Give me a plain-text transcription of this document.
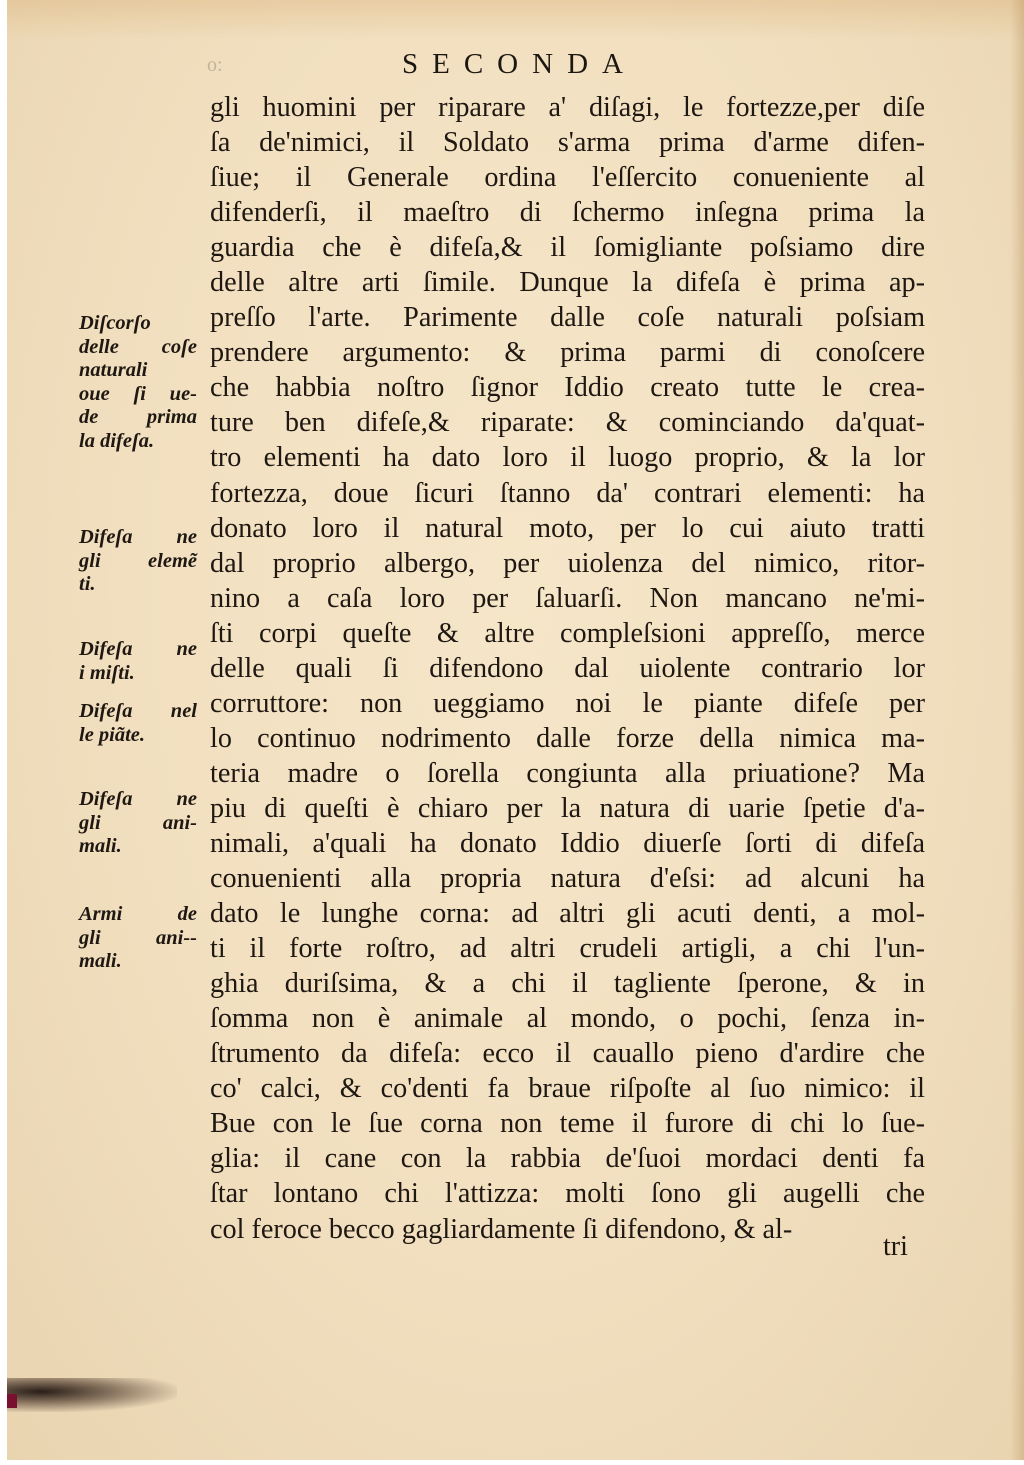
o:	SECONDA
gli huomini per riparare a' diſagi, le fortezze,per diſe
ſa de'nimici, il Soldato s'arma prima d'arme difen-
ſiue; il Generale ordina l'eſſercito conueniente al
difenderſi, il maeſtro di ſchermo inſegna prima la
guardia che è difeſa,& il ſomigliante poſsiamo dire
delle altre arti ſimile. Dunque la difeſa è prima ap-
preſſo l'arte. Parimente dalle coſe naturali poſsiam
prendere argumento: & prima parmi di conoſcere
che habbia noſtro ſignor Iddio creato tutte le crea-
ture ben difeſe,& riparate: & cominciando da'quat-
tro elementi ha dato loro il luogo proprio, & la lor
fortezza, doue ſicuri ſtanno da' contrari elementi: ha
donato loro il natural moto, per lo cui aiuto tratti
dal proprio albergo, per uiolenza del nimico, ritor-
nino a caſa loro per ſaluarſi. Non mancano ne'mi-
ſti corpi queſte & altre compleſsioni appreſſo, merce
delle quali ſi difendono dal uiolente contrario lor
corruttore: non ueggiamo noi le piante difeſe per
lo continuo nodrimento dalle forze della nimica ma-
teria madre o ſorella congiunta alla priuatione? Ma
piu di queſti è chiaro per la natura di uarie ſpetie d'a-
nimali, a'quali ha donato Iddio diuerſe ſorti di difeſa
conuenienti alla propria natura d'eſsi: ad alcuni ha
dato le lunghe corna: ad altri gli acuti denti, a mol-
ti il forte roſtro, ad altri crudeli artigli, a chi l'un-
ghia duriſsima, & a chi il tagliente ſperone, & in
ſomma non è animale al mondo, o pochi, ſenza in-
ſtrumento da difeſa: ecco il cauallo pieno d'ardire che
co' calci, & co'denti fa braue riſpoſte al ſuo nimico: il
Bue con le ſue corna non teme il furore di chi lo ſue-
glia: il cane con la rabbia de'ſuoi mordaci denti fa
ſtar lontano chi l'attizza: molti ſono gli augelli che
col feroce becco gagliardamente ſi difendono, & al-
tri
Diſcorſo
delle coſe
naturali
oue ſi ue-
de prima
la difeſa.
Difeſa ne
gli elemẽ
ti.
Difeſa ne
i miſti.
Difeſa nel
le piãte.
Difeſa ne
gli ani-
mali.
Armi de
gli ani--
mali.
